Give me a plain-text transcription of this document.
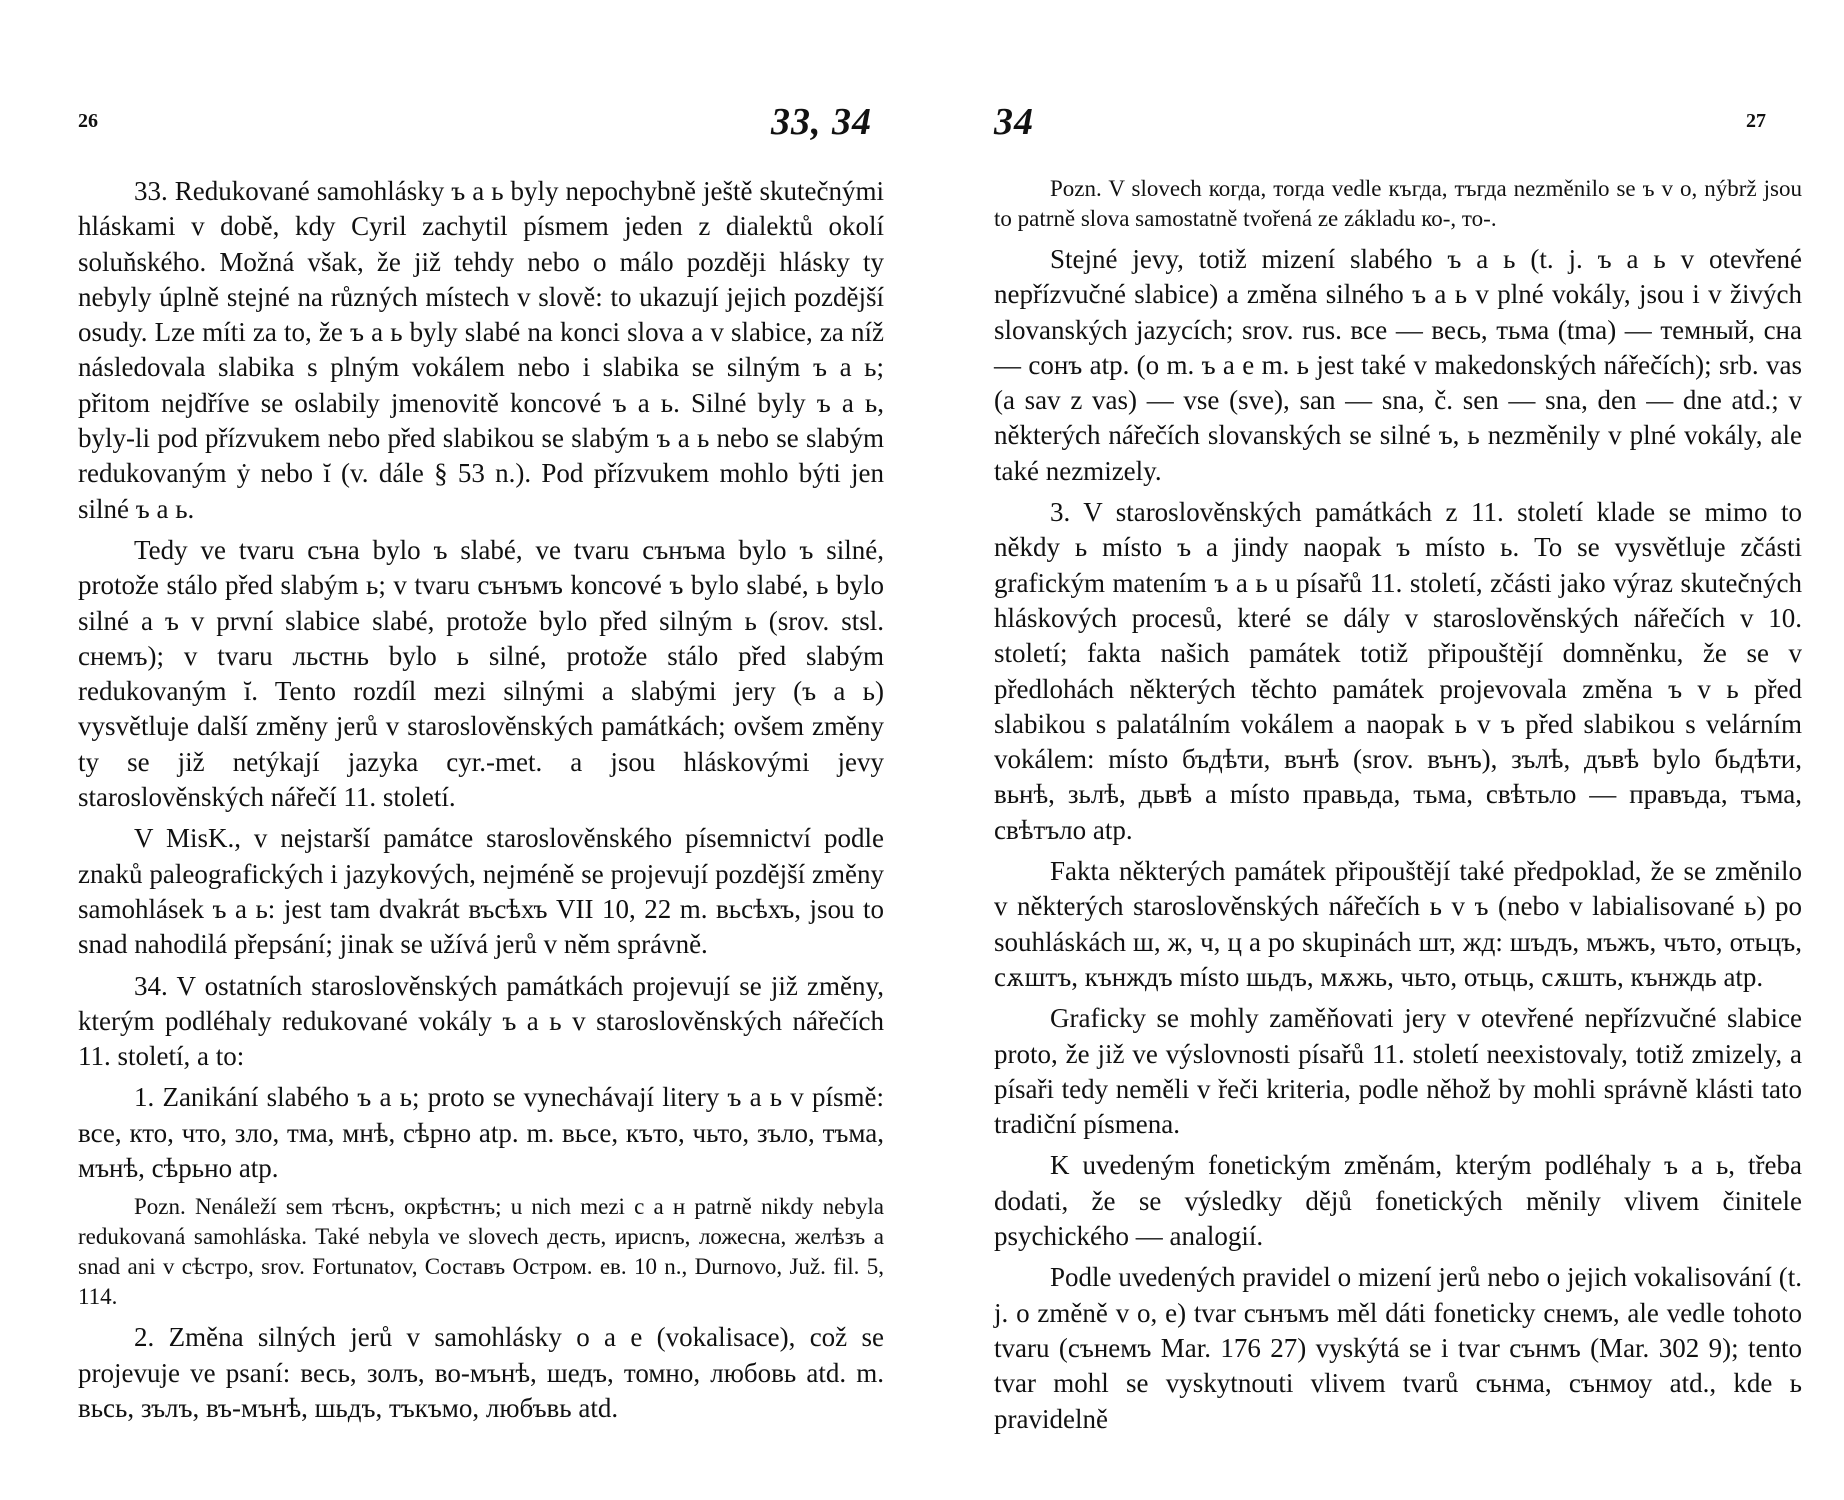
26	33, 34

33. Redukované samohlásky ъ a ь byly nepochybně ještě skutečnými hláskami v době, kdy Cyril zachytil písmem jeden z dialektů okolí soluňského. Možná však, že již tehdy nebo o málo později hlásky ty nebyly úplně stejné na různých místech v slově: to ukazují jejich pozdější osudy. Lze míti za to, že ъ a ь byly slabé na konci slova a v slabice, za níž následovala slabika s plným vokálem nebo i slabika se silným ъ a ь; přitom nejdříve se oslabily jmenovitě koncové ъ a ь. Silné byly ъ a ь, byly-li pod přízvukem nebo před slabikou se slabým ъ a ь nebo se slabým redukovaným ẏ nebo ĭ (v. dále § 53 n.). Pod přízvukem mohlo býti jen silné ъ a ь.

Tedy ve tvaru съна bylo ъ slabé, ve tvaru сънъма bylo ъ silné, protože stálo před slabým ь; v tvaru сънъмъ koncové ъ bylo slabé, ь bylo silné a ъ v první slabice slabé, protože bylo před silným ь (srov. stsl. снемъ); v tvaru льстнь bylo ь silné, protože stálo před slabým redukovaným ĭ. Tento rozdíl mezi silnými a slabými jery (ъ a ь) vysvětluje další změny jerů v staroslověnských památkách; ovšem změny ty se již netýkají jazyka cyr.-met. a jsou hláskovými jevy staroslověnských nářečí 11. století.

V MisK., v nejstarší památce staroslověnského písemnictví podle znaků paleografických i jazykových, nejméně se projevují pozdější změny samohlásek ъ a ь: jest tam dvakrát въсѣхъ VII 10, 22 m. вьсѣхъ, jsou to snad nahodilá přepsání; jinak se užívá jerů v něm správně.

34. V ostatních staroslověnských památkách projevují se již změny, kterým podléhaly redukované vokály ъ a ь v staroslověnských nářečích 11. století, a to:

1. Zanikání slabého ъ a ь; proto se vynechávají litery ъ a ь v písmě: все, кто, что, зло, тма, мнѣ, сѣрно atp. m. вьсе, къто, чьто, зъло, тъма, мънѣ, сѣрьно atp.

Pozn. Nenáleží sem тѣснъ, окрѣстнъ; u nich mezi с a н patrně nikdy nebyla redukovaná samohláska. Také nebyla ve slovech десть, ирисnъ, ложесна, желѣзъ a snad ani v сѣстро, srov. Fortunatov, Составъ Остром. ев. 10 n., Durnovo, Juž. fil. 5, 114.

2. Změna silných jerů v samohlásky o a e (vokalisace), což se projevuje ve psaní: весь, золъ, во-мънѣ, шедъ, томно, любовь atd. m. вьсь, зълъ, въ-мънѣ, шьдъ, тъкъмо, любъвь atd.

34	27

Pozn. V slovech когда, тогда vedle къгда, тъгда nezměnilo se ъ v o, nýbrž jsou to patrně slova samostatně tvořená ze základu ко-, то-.

Stejné jevy, totiž mizení slabého ъ a ь (t. j. ъ a ь v otevřené nepřízvučné slabice) a změna silného ъ a ь v plné vokály, jsou i v živých slovanských jazycích; srov. rus. все — весь, тьма (tma) — темный, сна — сонъ atp. (o m. ъ a e m. ь jest také v makedonských nářečích); srb. vas (a sav z vas) — vse (sve), san — sna, č. sen — sna, den — dne atd.; v některých nářečích slovanských se silné ъ, ь nezměnily v plné vokály, ale také nezmizely.

3. V staroslověnských památkách z 11. století klade se mimo to někdy ь místo ъ a jindy naopak ъ místo ь. To se vysvětluje zčásti grafickým matením ъ a ь u písařů 11. století, zčásti jako výraz skutečných hláskových procesů, které se dály v staroslověnských nářečích v 10. století; fakta našich památek totiž připouštějí domněnku, že se v předlohách některých těchto památek projevovala změna ъ v ь před slabikou s palatálním vokálem a naopak ь v ъ před slabikou s velárním vokálem: místo бъдѣти, вънѣ (srov. вънъ), зълѣ, дъвѣ bylo бьдѣти, вьнѣ, зьлѣ, дьвѣ a místo правьда, тьма, свѣтьло — правъда, тъма, свѣтъло atp.

Fakta některých památek připouštějí také předpoklad, že se změnilo v některých staroslověnských nářečích ь v ъ (nebo v labialisované ь) po souhláskách ш, ж, ч, ц a po skupinách шт, жд: шъдъ, мъжъ, чъто, отьцъ, сѫштъ, кънждъ místo шьдъ, мѫжь, чьто, отьць, сѫшть, кънждь atp.

Graficky se mohly zaměňovati jery v otevřené nepřízvučné slabice proto, že již ve výslovnosti písařů 11. století neexistovaly, totiž zmizely, a písaři tedy neměli v řeči kriteria, podle něhož by mohli správně klásti tato tradiční písmena.

K uvedeným fonetickým změnám, kterým podléhaly ъ a ь, třeba dodati, že se výsledky dějů fonetických měnily vlivem činitele psychického — analogií.

Podle uvedených pravidel o mizení jerů nebo o jejich vokalisování (t. j. o změně v o, e) tvar сънъмъ měl dáti foneticky снемъ, ale vedle tohoto tvaru (сънемъ Mar. 176 27) vyskýtá se i tvar сънмъ (Mar. 302 9); tento tvar mohl se vyskytnouti vlivem tvarů сънма, сънмоу atd., kde ь pravidelně
